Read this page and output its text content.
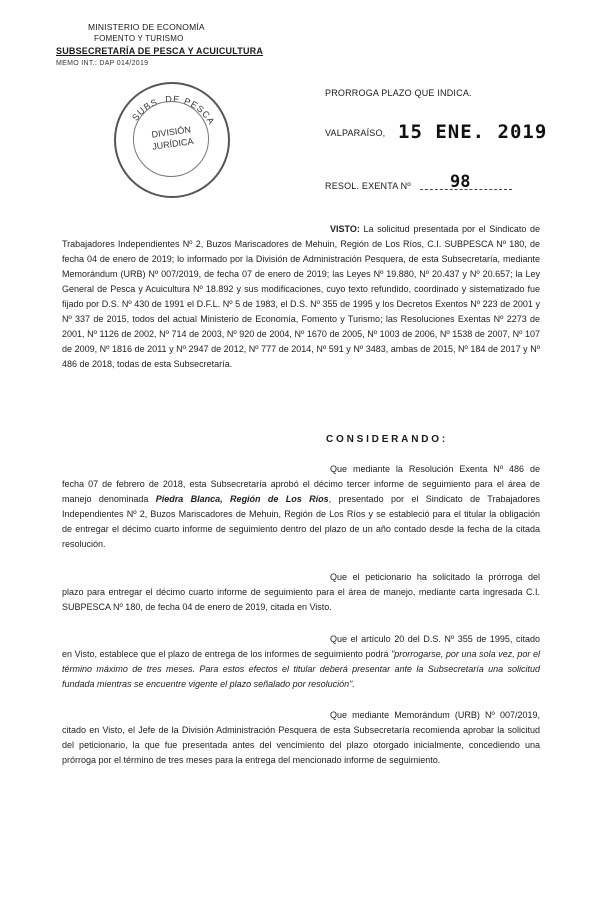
MINISTERIO DE ECONOMÍA
FOMENTO Y TURISMO
SUBSECRETARÍA DE PESCA Y ACUICULTURA
MEMO INT.: DAP 014/2019
SUBS. DE PESCA
DIVISIÓN
JURÍDICA
PRORROGA PLAZO QUE INDICA.
VALPARAÍSO, 15 ENE. 2019
RESOL. EXENTA Nº 98
VISTO: La solicitud presentada por el Sindicato de Trabajadores Independientes Nº 2, Buzos Mariscadores de Mehuin, Región de Los Ríos, C.I. SUBPESCA Nº 180, de fecha 04 de enero de 2019; lo informado por la División de Administración Pesquera, de esta Subsecretaría, mediante Memorándum (URB) Nº 007/2019, de fecha 07 de enero de 2019; las Leyes Nº 19.880, Nº 20.437 y Nº 20.657; la Ley General de Pesca y Acuicultura Nº 18.892 y sus modificaciones, cuyo texto refundido, coordinado y sistematizado fue fijado por D.S. Nº 430 de 1991 el D.F.L. Nº 5 de 1983, el D.S. Nº 355 de 1995 y los Decretos Exentos Nº 223 de 2001 y Nº 337 de 2015, todos del actual Ministerio de Economía, Fomento y Turismo; las Resoluciones Exentas Nº 2273 de 2001, Nº 1126 de 2002, Nº 714 de 2003, Nº 920 de 2004, Nº 1670 de 2005, Nº 1003 de 2006, Nº 1538 de 2007, Nº 107 de 2009, Nº 1816 de 2011 y Nº 2947 de 2012, Nº 777 de 2014, Nº 591 y Nº 3483, ambas de 2015, Nº 184 de 2017 y Nº 486 de 2018, todas de esta Subsecretaría.
CONSIDERANDO:
Que mediante la Resolución Exenta Nº 486 de fecha 07 de febrero de 2018, esta Subsecretaría aprobó el décimo tercer informe de seguimiento para el área de manejo denominada Piedra Blanca, Región de Los Ríos, presentado por el Sindicato de Trabajadores Independientes Nº 2, Buzos Mariscadores de Mehuin, Región de Los Ríos y se estableció para el titular la obligación de entregar el décimo cuarto informe de seguimiento dentro del plazo de un año contado desde la fecha de la citada resolución.
Que el peticionario ha solicitado la prórroga del plazo para entregar el décimo cuarto informe de seguimiento para el área de manejo, mediante carta ingresada C.I. SUBPESCA Nº 180, de fecha 04 de enero de 2019, citada en Visto.
Que el artículo 20 del D.S. Nº 355 de 1995, citado en Visto, establece que el plazo de entrega de los informes de seguimiento podrá "prorrogarse, por una sola vez, por el término máximo de tres meses. Para estos efectos el titular deberá presentar ante la Subsecretaría una solicitud fundada mientras se encuentre vigente el plazo señalado por resolución".
Que mediante Memorándum (URB) Nº 007/2019, citado en Visto, el Jefe de la División Administración Pesquera de esta Subsecretaría recomienda aprobar la solicitud del peticionario, la que fue presentada antes del vencimiento del plazo otorgado inicialmente, concediendo una prórroga por el término de tres meses para la entrega del mencionado informe de seguimiento.
